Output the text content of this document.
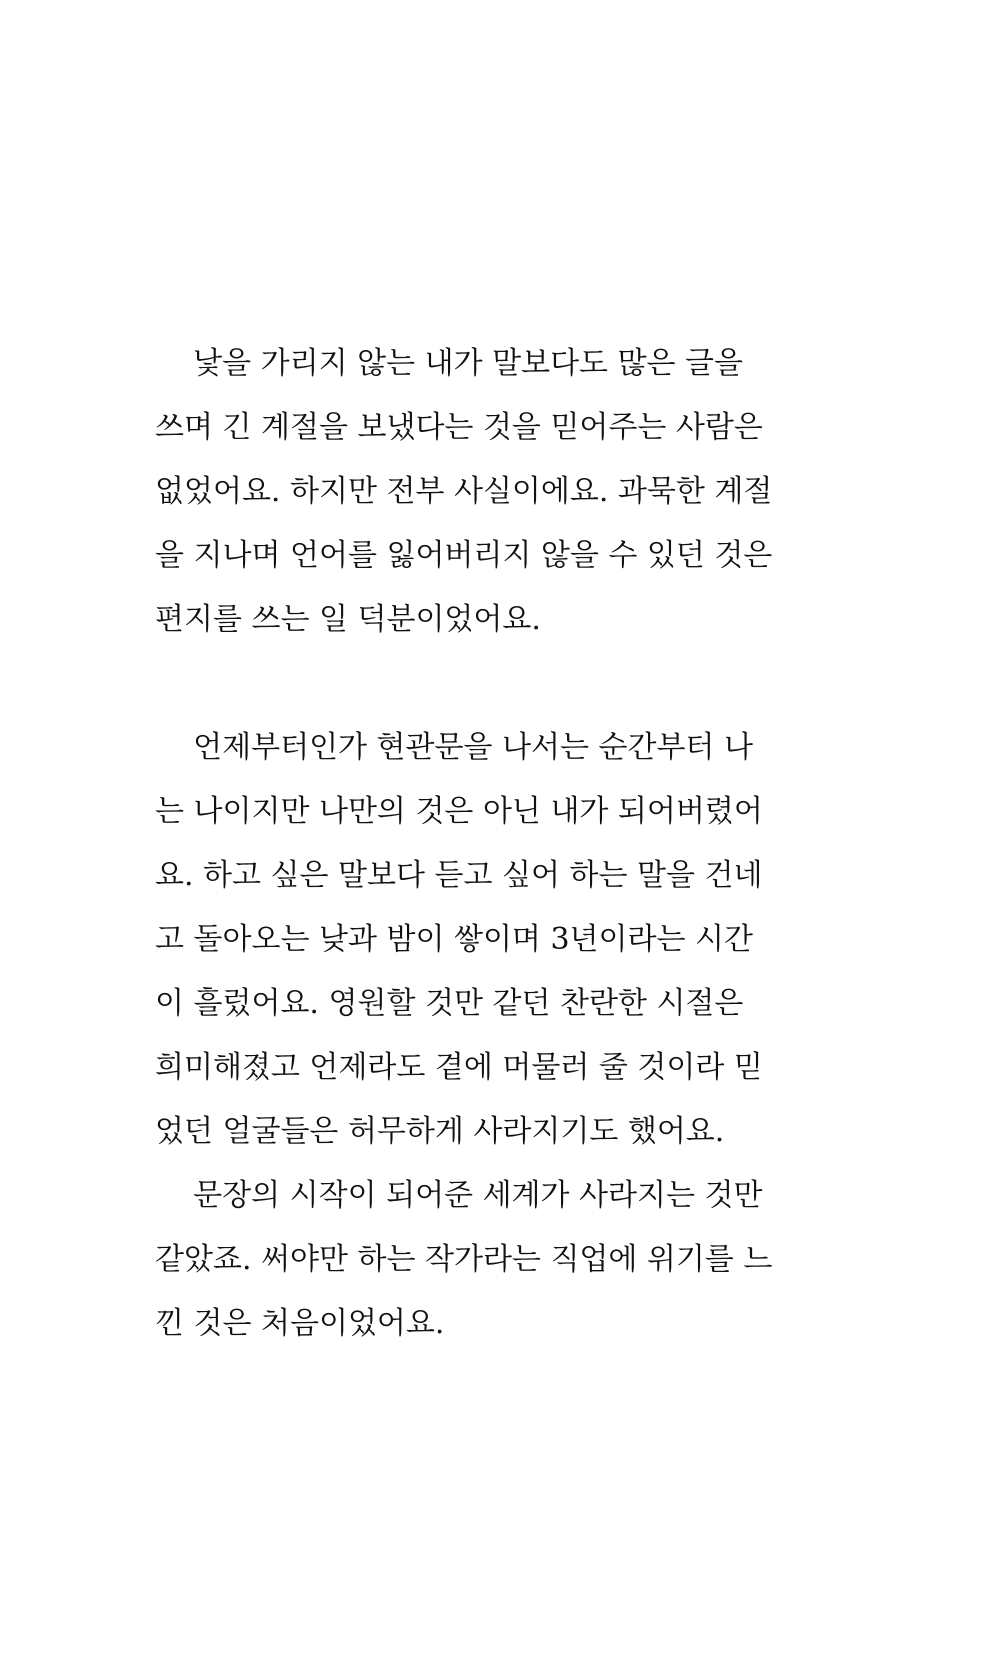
낯을 가리지 않는 내가 말보다도 많은 글을
쓰며 긴 계절을 보냈다는 것을 믿어주는 사람은
없었어요. 하지만 전부 사실이에요. 과묵한 계절
을 지나며 언어를 잃어버리지 않을 수 있던 것은
편지를 쓰는 일 덕분이었어요.
언제부터인가 현관문을 나서는 순간부터 나
는 나이지만 나만의 것은 아닌 내가 되어버렸어
요. 하고 싶은 말보다 듣고 싶어 하는 말을 건네
고 돌아오는 낮과 밤이 쌓이며 3년이라는 시간
이 흘렀어요. 영원할 것만 같던 찬란한 시절은
희미해졌고 언제라도 곁에 머물러 줄 것이라 믿
었던 얼굴들은 허무하게 사라지기도 했어요.
문장의 시작이 되어준 세계가 사라지는 것만
같았죠. 써야만 하는 작가라는 직업에 위기를 느
낀 것은 처음이었어요.
